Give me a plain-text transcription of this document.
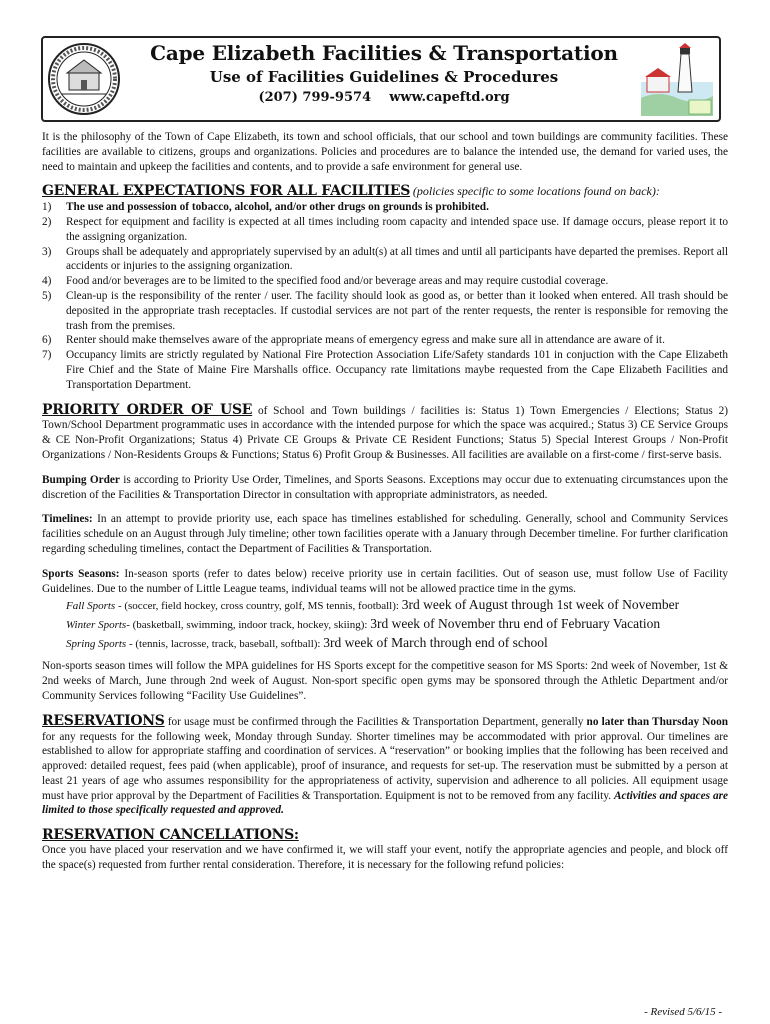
Cape Elizabeth Facilities & Transportation
Use of Facilities Guidelines & Procedures
(207) 799-9574 www.capeftd.org

It is the philosophy of the Town of Cape Elizabeth, its town and school officials, that our school and town buildings are community facilities. These facilities are available to citizens, groups and organizations. Policies and procedures are to balance the intended use, the demand for varied uses, the need to maintain and upkeep the facilities and contents, and to provide a safe environment for general use.

GENERAL EXPECTATIONS FOR ALL FACILITIES (policies specific to some locations found on back):
1) The use and possession of tobacco, alcohol, and/or other drugs on grounds is prohibited.
2) Respect for equipment and facility is expected at all times including room capacity and intended space use. If damage occurs, please report it to the assigning organization.
3) Groups shall be adequately and appropriately supervised by an adult(s) at all times and until all participants have departed the premises. Report all accidents or injuries to the assigning organization.
4) Food and/or beverages are to be limited to the specified food and/or beverage areas and may require custodial coverage.
5) Clean-up is the responsibility of the renter / user. The facility should look as good as, or better than it looked when entered. All trash should be deposited in the appropriate trash receptacles. If custodial services are not part of the renter requests, the renter is responsible for removing the trash from the premises.
6) Renter should make themselves aware of the appropriate means of emergency egress and make sure all in attendance are aware of it.
7) Occupancy limits are strictly regulated by National Fire Protection Association Life/Safety standards 101 in conjuction with the Cape Elizabeth Fire Chief and the State of Maine Fire Marshalls office. Occupancy rate limitations maybe requested from the Cape Elizabeth Facilities and Transportation Department.

PRIORITY ORDER OF USE of School and Town buildings / facilities is: Status 1) Town Emergencies / Elections; Status 2) Town/School Department programmatic uses in accordance with the intended purpose for which the space was acquired.; Status 3) CE Service Groups & CE Non-Profit Organizations; Status 4) Private CE Groups & Private CE Resident Functions; Status 5) Special Interest Groups / Non-Profit Organizations / Non-Residents Groups & Functions; Status 6) Profit Group & Businesses. All facilities are available on a first-come / first-serve basis.

Bumping Order is according to Priority Use Order, Timelines, and Sports Seasons. Exceptions may occur due to extenuating circumstances upon the discretion of the Facilities & Transportation Director in consultation with appropriate administrators, as needed.

Timelines: In an attempt to provide priority use, each space has timelines established for scheduling. Generally, school and Community Services facilities schedule on an August through July timeline; other town facilities operate with a January through December timeline. For further clarification regarding scheduling timelines, contact the Department of Facilities & Transportation.

Sports Seasons: In-season sports (refer to dates below) receive priority use in certain facilities. Out of season use, must follow Use of Facility Guidelines. Due to the number of Little League teams, individual teams will not be allowed practice time in the gyms.

Fall Sports - (soccer, field hockey, cross country, golf, MS tennis, football): 3rd week of August through 1st week of November
Winter Sports- (basketball, swimming, indoor track, hockey, skiing): 3rd week of November thru end of February Vacation
Spring Sports - (tennis, lacrosse, track, baseball, softball): 3rd week of March through end of school

Non-sports season times will follow the MPA guidelines for HS Sports except for the competitive season for MS Sports: 2nd week of November, 1st & 2nd weeks of March, June through 2nd week of August. Non-sport specific open gyms may be sponsored through the Athletic Department and/or Community Services following “Facility Use Guidelines”.

RESERVATIONS for usage must be confirmed through the Facilities & Transportation Department, generally no later than Thursday Noon for any requests for the following week, Monday through Sunday. Shorter timelines may be accommodated with prior approval. Our timelines are established to allow for appropriate staffing and coordination of services. A “reservation” or booking implies that the following has been received and approved: detailed request, fees paid (when applicable), proof of insurance, and requests for set-up. The reservation must be submitted by a person at least 21 years of age who assumes responsibility for the appropriateness of activity, supervision and adherence to all policies. All equipment usage must have prior approval by the Department of Facilities & Transportation. Equipment is not to be removed from any facility. Activities and spaces are limited to those specifically requested and approved.

RESERVATION CANCELLATIONS:

Once you have placed your reservation and we have confirmed it, we will staff your event, notify the appropriate agencies and people, and block off the space(s) requested from further rental consideration. Therefore, it is necessary for the following refund policies:

- Revised 5/6/15 -
